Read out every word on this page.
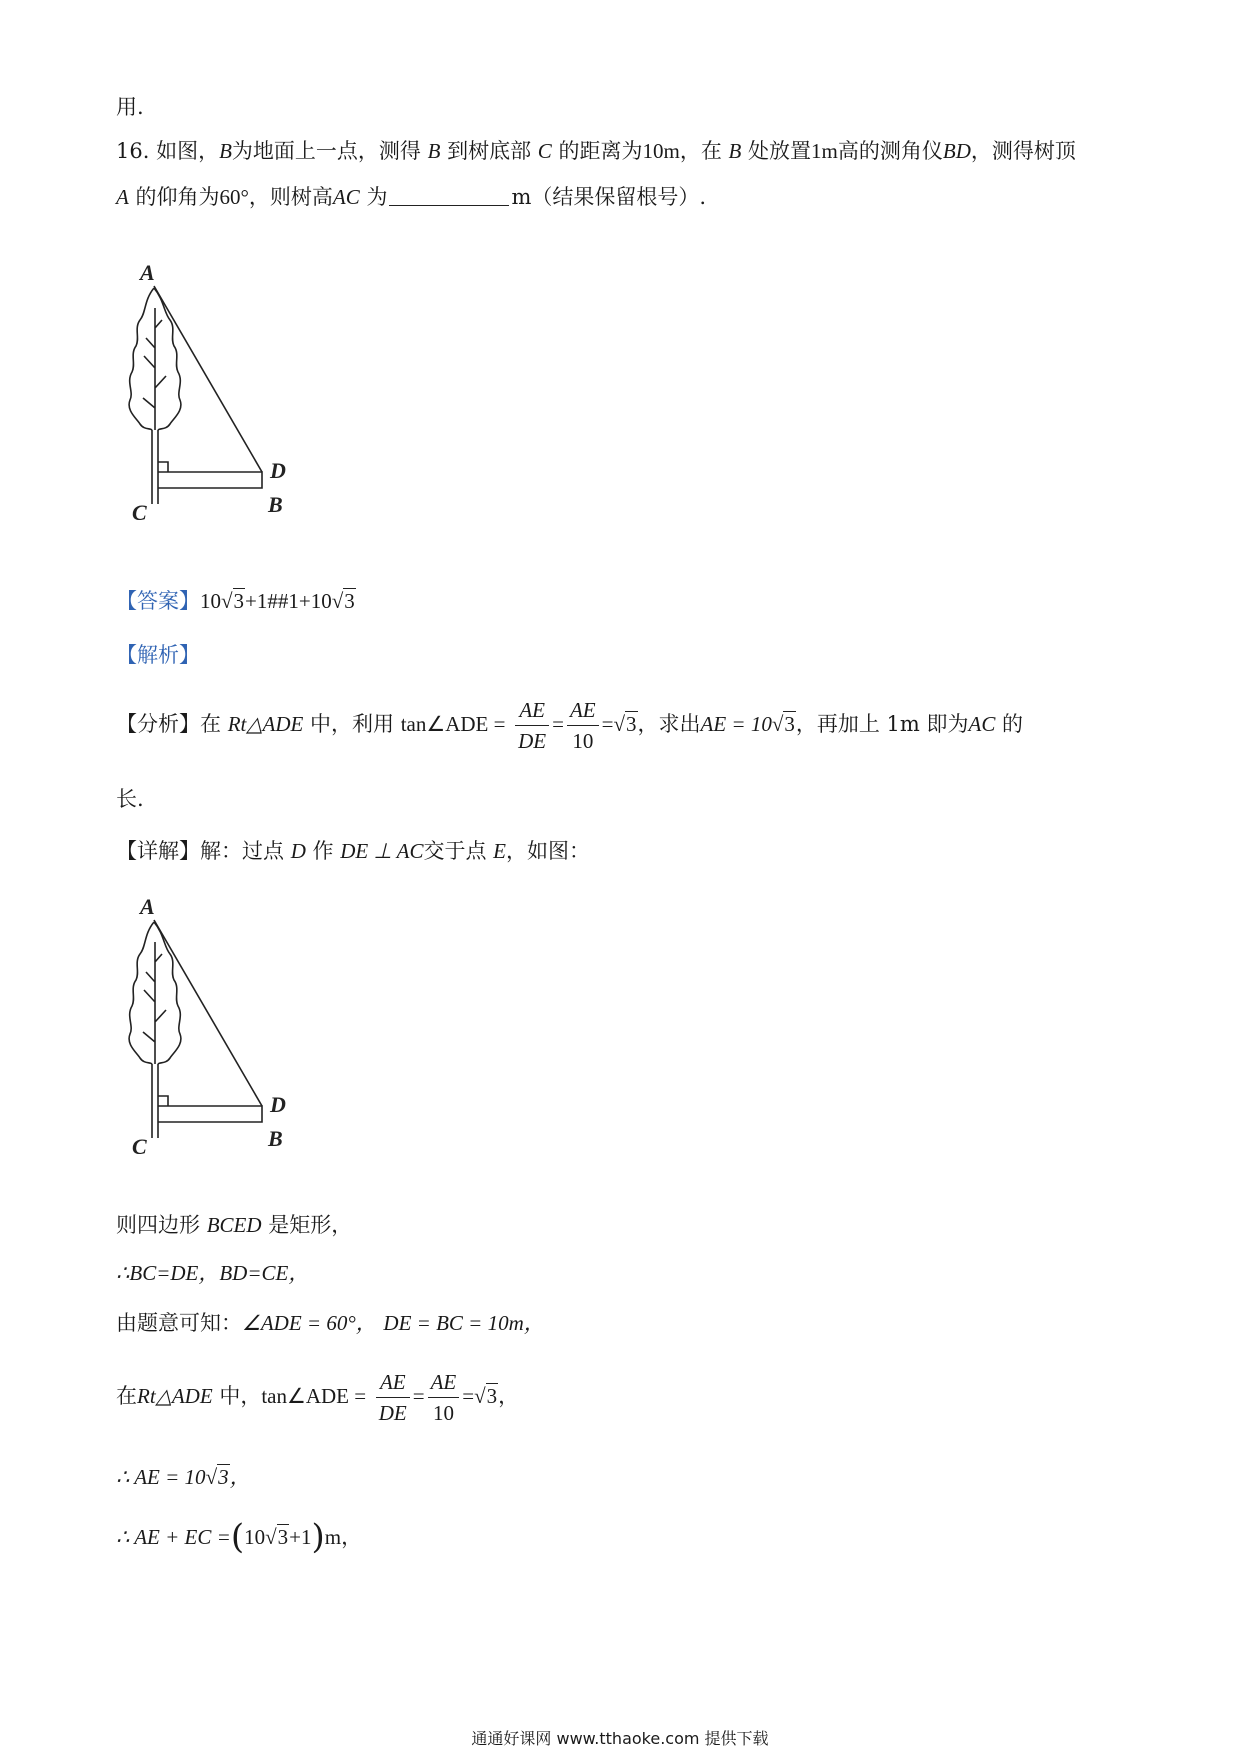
用.
16. 如图，B为地面上一点，测得 B 到树底部 C 的距离为10m，在 B 处放置1m高的测角仪BD，测得树顶
A 的仰角为60°，则树高AC 为	m（结果保留根号）.
A
C
D
B
【答案】10√3+1##1+10√3
【解析】
【分析】在 Rt△ADE 中，利用 tan∠ADE = $\frac{AE}{DE} = \frac{AE}{10} =√3$，求出AE = 10√3，再加上 1m 即为AC 的
长.
【详解】解：过点 D 作 DE ⊥ AC交于点 E，如图：
A
C
D
B
则四边形 BCED 是矩形，
∴BC=DE，BD=CE，
由题意可知：∠ADE = 60°， DE = BC = 10m，
在Rt△ADE 中，tan∠ADE = $\frac{AE}{DE} = \frac{AE}{10} =√3$，
∴ AE = 10√3，
∴ AE + EC =(10√3+1)m，
通通好课网 www.tthaoke.com 提供下载
